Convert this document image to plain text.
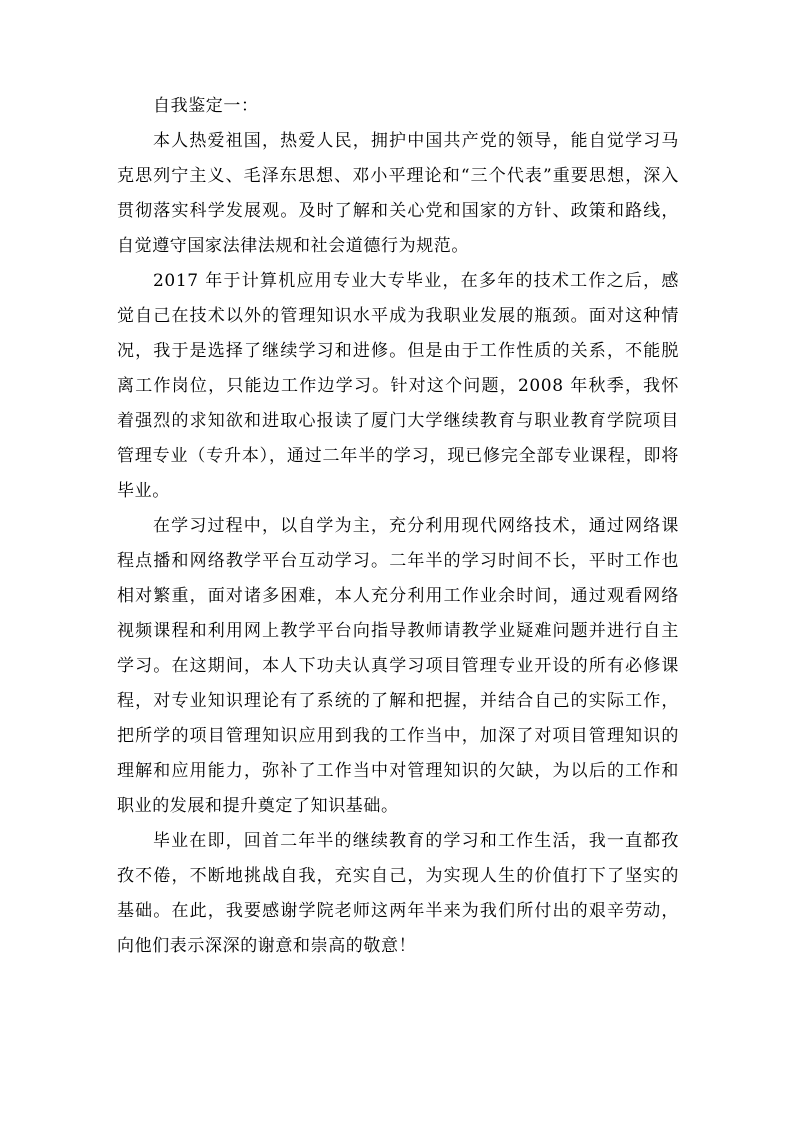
自我鉴定一：

本人热爱祖国，热爱人民，拥护中国共产党的领导，能自觉学习马克思列宁主义、毛泽东思想、邓小平理论和“三个代表”重要思想，深入贯彻落实科学发展观。及时了解和关心党和国家的方针、政策和路线，自觉遵守国家法律法规和社会道德行为规范。

2017 年于计算机应用专业大专毕业，在多年的技术工作之后，感觉自己在技术以外的管理知识水平成为我职业发展的瓶颈。面对这种情况，我于是选择了继续学习和进修。但是由于工作性质的关系，不能脱离工作岗位，只能边工作边学习。针对这个问题，2008 年秋季，我怀着强烈的求知欲和进取心报读了厦门大学继续教育与职业教育学院项目管理专业（专升本），通过二年半的学习，现已修完全部专业课程，即将毕业。

在学习过程中，以自学为主，充分利用现代网络技术，通过网络课程点播和网络教学平台互动学习。二年半的学习时间不长，平时工作也相对繁重，面对诸多困难，本人充分利用工作业余时间，通过观看网络视频课程和利用网上教学平台向指导教师请教学业疑难问题并进行自主学习。在这期间，本人下功夫认真学习项目管理专业开设的所有必修课程，对专业知识理论有了系统的了解和把握，并结合自己的实际工作，把所学的项目管理知识应用到我的工作当中，加深了对项目管理知识的理解和应用能力，弥补了工作当中对管理知识的欠缺，为以后的工作和职业的发展和提升奠定了知识基础。

毕业在即，回首二年半的继续教育的学习和工作生活，我一直都孜孜不倦，不断地挑战自我，充实自己，为实现人生的价值打下了坚实的基础。在此，我要感谢学院老师这两年半来为我们所付出的艰辛劳动，向他们表示深深的谢意和崇高的敬意！
